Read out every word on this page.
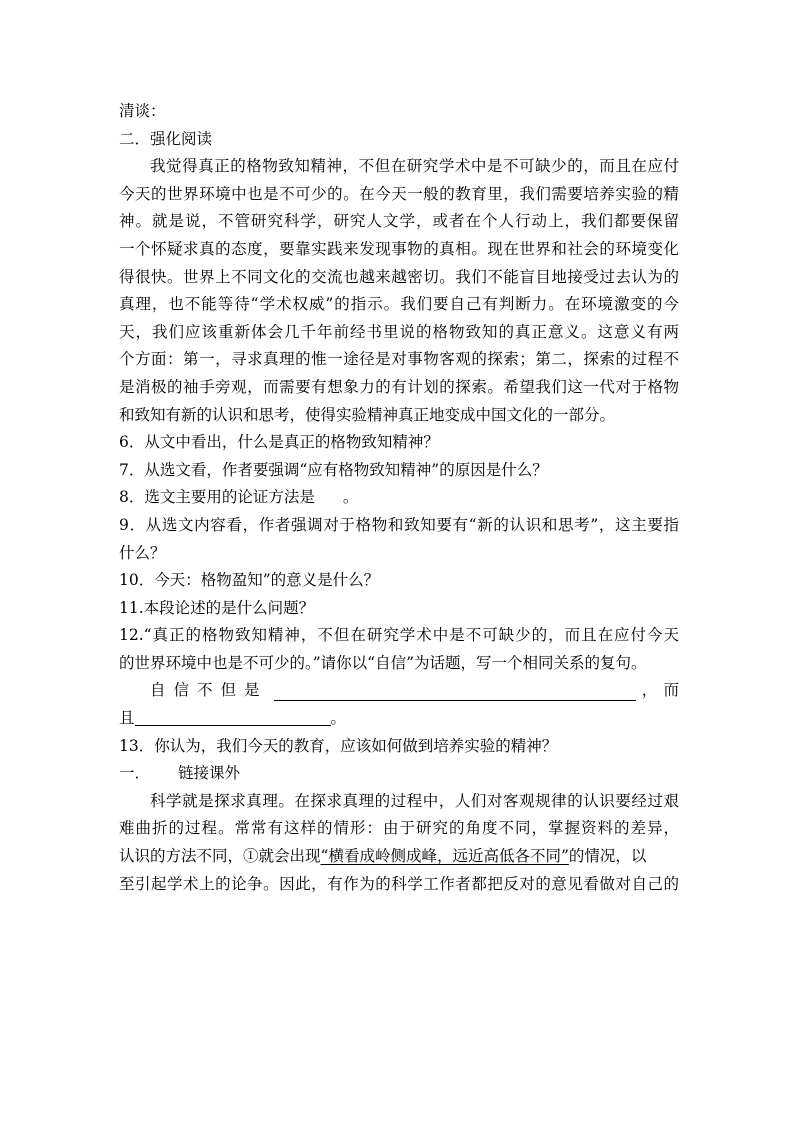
清谈：
二．强化阅读
我觉得真正的格物致知精神，不但在研究学术中是不可缺少的，而且在应付
今天的世界环境中也是不可少的。在今天一般的教育里，我们需要培养实验的精
神。就是说，不管研究科学，研究人文学，或者在个人行动上，我们都要保留
一个怀疑求真的态度，要靠实践来发现事物的真相。现在世界和社会的环境变化
得很快。世界上不同文化的交流也越来越密切。我们不能盲目地接受过去认为的
真理，也不能等待“学术权威”的指示。我们要自己有判断力。在环境激变的今
天，我们应该重新体会几千年前经书里说的格物致知的真正意义。这意义有两
个方面：第一，寻求真理的惟一途径是对事物客观的探索；第二，探索的过程不
是消极的袖手旁观，而需要有想象力的有计划的探索。希望我们这一代对于格物
和致知有新的认识和思考，使得实验精神真正地变成中国文化的一部分。
6．从文中看出，什么是真正的格物致知精神？
7．从选文看，作者要强调“应有格物致知精神”的原因是什么？
8．选文主要用的论证方法是 。
9．从选文内容看，作者强调对于格物和致知要有“新的认识和思考”，这主要指
什么？
10．今天：格物盈知”的意义是什么？
11.本段论述的是什么问题？
12.“真正的格物致知精神，不但在研究学术中是不可缺少的，而且在应付今天
的世界环境中也是不可少的。”请你以“自信”为话题，写一个相同关系的复句。
自信不但是	， 而
且	。
13．你认为，我们今天的教育，应该如何做到培养实验的精神？
一． 链接课外
科学就是探求真理。在探求真理的过程中，人们对客观规律的认识要经过艰
难曲折的过程。常常有这样的情形：由于研究的角度不同，掌握资料的差异，
认识的方法不同，①就会出现“横看成岭侧成峰，远近高低各不同”的情况，以
至引起学术上的论争。因此，有作为的科学工作者都把反对的意见看做对自己的
